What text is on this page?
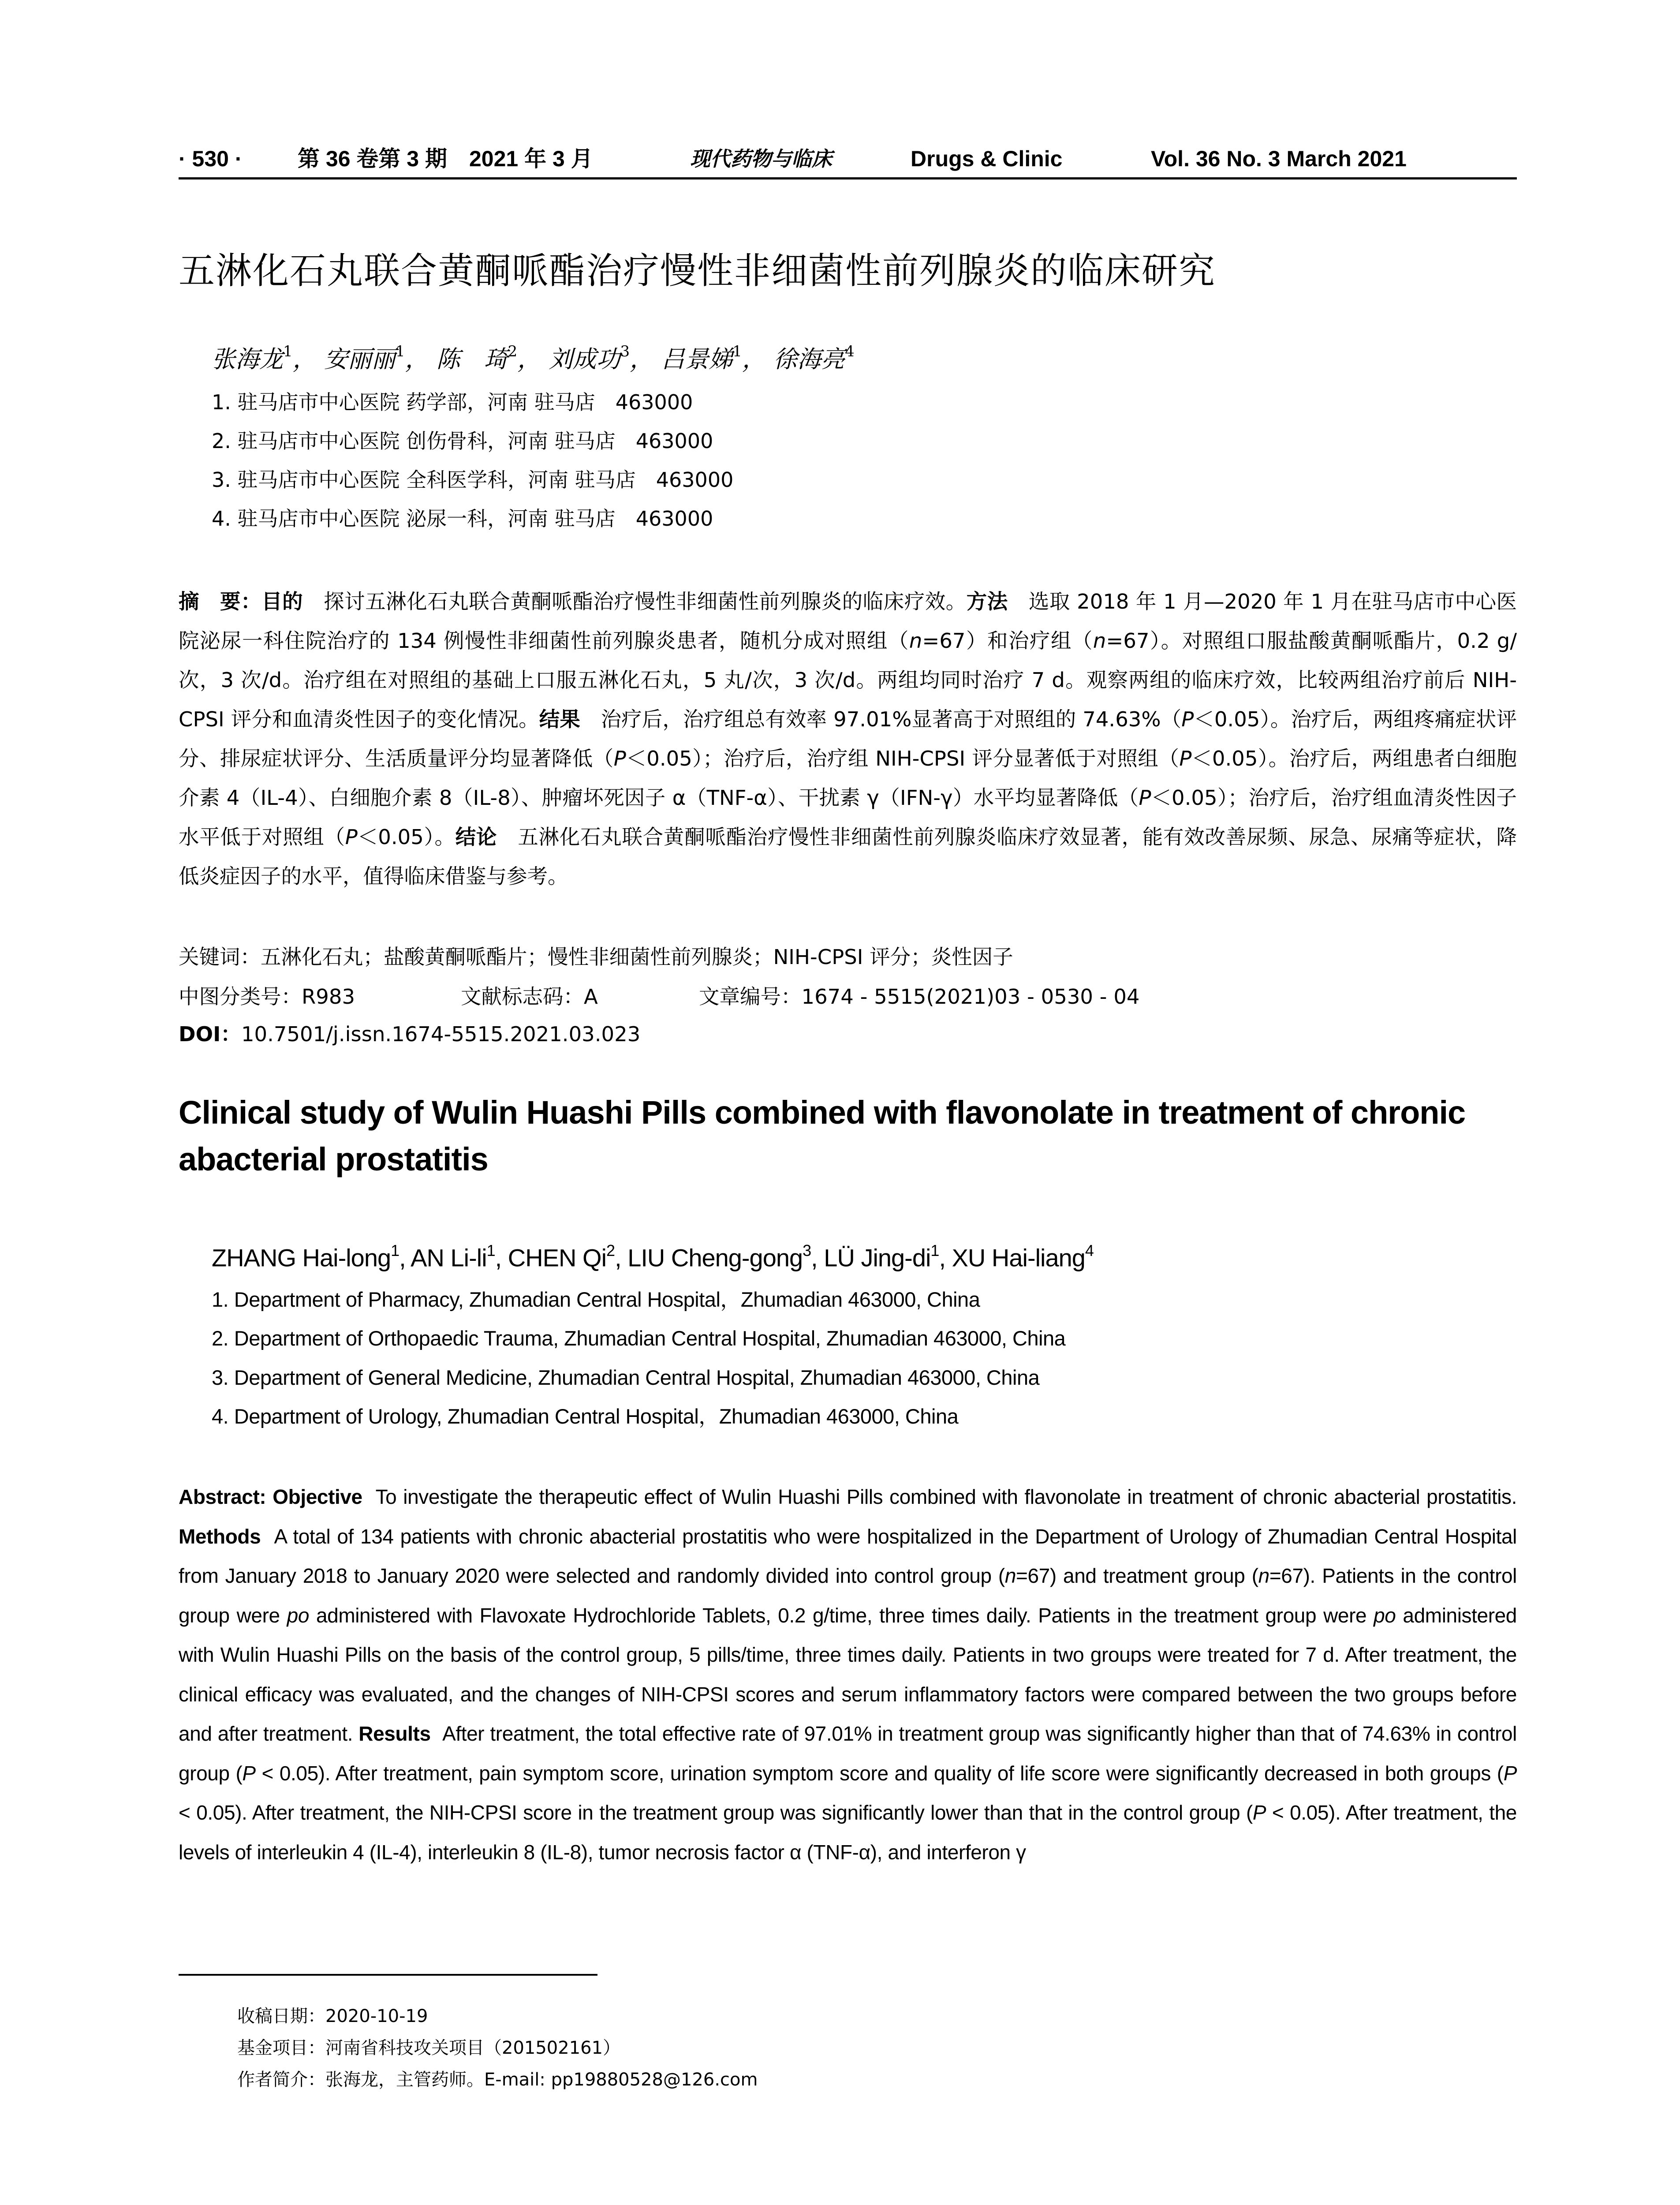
· 530 ·	第 36 卷第 3 期　2021 年 3 月	现代药物与临床	Drugs & Clinic	Vol. 36 No. 3 March 2021
五淋化石丸联合黄酮哌酯治疗慢性非细菌性前列腺炎的临床研究
张海龙$^1$， 安丽丽$^1$， 陈　琦$^2$， 刘成功$^3$， 吕景娣$^1$， 徐海亮$^4$
1. 驻马店市中心医院 药学部，河南 驻马店　463000
2. 驻马店市中心医院 创伤骨科，河南 驻马店　463000
3. 驻马店市中心医院 全科医学科，河南 驻马店　463000
4. 驻马店市中心医院 泌尿一科，河南 驻马店　463000
摘　要：目的　 探讨五淋化石丸联合黄酮哌酯治疗慢性非细菌性前列腺炎的临床疗效。方法　 选取 2018 年 1 月—2020 年 1 月在驻马店市中心医院泌尿一科住院治疗的 134 例慢性非细菌性前列腺炎患者，随机分成对照组（n=67）和治疗组（n=67）。对照组口服盐酸黄酮哌酯片，0.2 g/次，3 次/d。治疗组在对照组的基础上口服五淋化石丸，5 丸/次，3 次/d。两组均同时治疗 7 d。观察两组的临床疗效，比较两组治疗前后 NIH-CPSI 评分和血清炎性因子的变化情况。结果　 治疗后，治疗组总有效率 97.01%显著高于对照组的 74.63%（P＜0.05）。治疗后，两组疼痛症状评分、排尿症状评分、生活质量评分均显著降低（P＜0.05）；治疗后，治疗组 NIH-CPSI 评分显著低于对照组（P＜0.05）。治疗后，两组患者白细胞介素 4（IL-4）、白细胞介素 8（IL-8）、肿瘤坏死因子 α（TNF-α）、干扰素 γ（IFN-γ）水平均显著降低（P＜0.05）；治疗后，治疗组血清炎性因子水平低于对照组（P＜0.05）。结论　 五淋化石丸联合黄酮哌酯治疗慢性非细菌性前列腺炎临床疗效显著，能有效改善尿频、尿急、尿痛等症状，降低炎症因子的水平，值得临床借鉴与参考。
关键词：五淋化石丸；盐酸黄酮哌酯片；慢性非细菌性前列腺炎；NIH-CPSI 评分；炎性因子
中图分类号：R983	文献标志码：A	文章编号：1674 - 5515(2021)03 - 0530 - 04
DOI：10.7501/j.issn.1674-5515.2021.03.023
Clinical study of Wulin Huashi Pills combined with flavonolate in treatment of chronic abacterial prostatitis
ZHANG Hai-long$^1$, AN $Li-li^1$, CHEN Qi$^2$, LIU Cheng-gong$^3$, LÜ Jing-$di^1$, XU Hai-liang$^4$
1. Department of Pharmacy, Zhumadian Central Hospital，Zhumadian 463000, China
2. Department of Orthopaedic Trauma, Zhumadian Central Hospital, Zhumadian 463000, China
3. Department of General Medicine, Zhumadian Central Hospital, Zhumadian 463000, China
4. Department of Urology, Zhumadian Central Hospital，Zhumadian 463000, China
Abstract: Objective To investigate the therapeutic effect of Wulin Huashi Pills combined with flavonolate in treatment of chronic abacterial prostatitis. Methods A total of 134 patients with chronic abacterial prostatitis who were hospitalized in the Department of Urology of Zhumadian Central Hospital from January 2018 to January 2020 were selected and randomly divided into control group (n=67) and treatment group (n=67). Patients in the control group were po administered with Flavoxate Hydrochloride Tablets, 0.2 g/time, three times daily. Patients in the treatment group were po administered with Wulin Huashi Pills on the basis of the control group, 5 pills/time, three times daily. Patients in two groups were treated for 7 d. After treatment, the clinical efficacy was evaluated, and the changes of NIH-CPSI scores and serum inflammatory factors were compared between the two groups before and after treatment. Results After treatment, the total effective rate of 97.01% in treatment group was significantly higher than that of 74.63% in control group (P < 0.05). After treatment, pain symptom score, urination symptom score and quality of life score were significantly decreased in both groups (P < 0.05). After treatment, the NIH-CPSI score in the treatment group was significantly lower than that in the control group (P < 0.05). After treatment, the levels of interleukin 4 (IL-4), interleukin 8 (IL-8), tumor necrosis factor α (TNF-α), and interferon γ
收稿日期：2020-10-19
基金项目：河南省科技攻关项目（201502161）
作者简介：张海龙，主管药师。E-mail: pp19880528@126.com
